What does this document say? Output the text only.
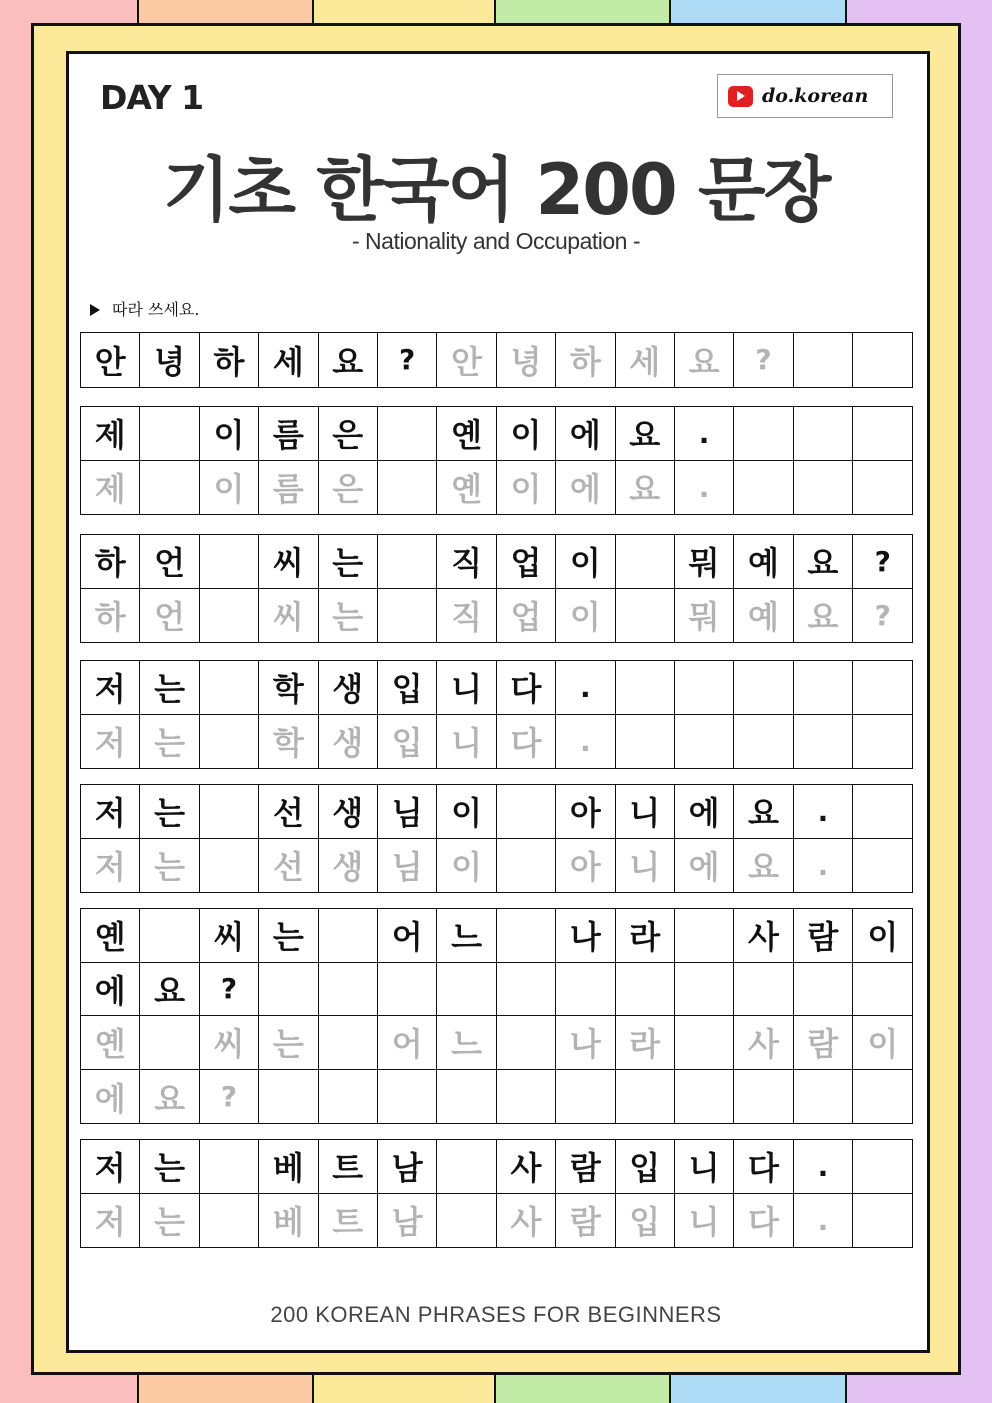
DAY 1	do.korean
기초 한국어 200 문장
- Nationality and Occupation -
따라 쓰세요.
안 녕 하 세 요	?	안 녕 하 세 요	?
제	이 름 은	옌 이 에 요	.
제	이 름 은	옌 이 에 요	.
하 언	씨 는	직 업 이	뭐 예 요	?
하 언	씨 는	직 업 이	뭐 예 요	?
저 는	학 생 입 니 다	.
저 는	학 생 입 니 다	.
저 는	선 생 님 이	아 니 에 요	.
저 는	선 생 님 이	아 니 에 요	.
옌	씨 는	어 느	나 라	사 람 이
에 요	?
옌	씨 는	어 느	나 라	사 람 이
에 요	?
저 는	베 트 남	사 람 입 니 다	.
저 는	베 트 남	사 람 입 니 다	.
200 KOREAN PHRASES FOR BEGINNERS
